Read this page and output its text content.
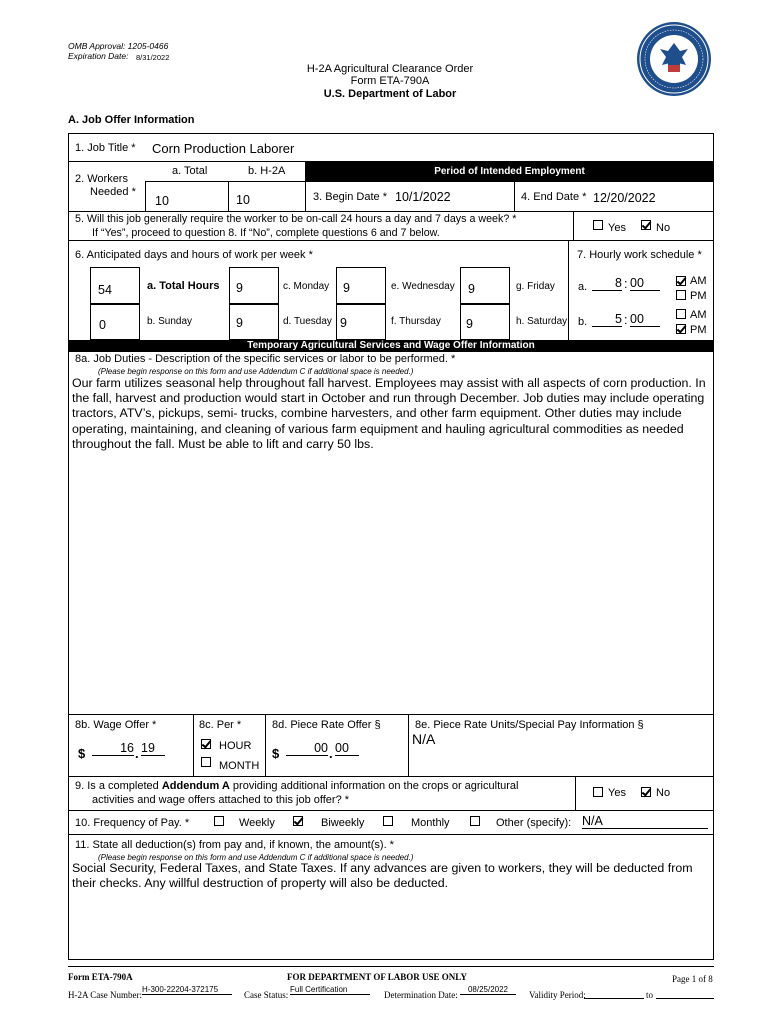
OMB Approval: 1205-0466
Expiration Date: 8/31/2022
H-2A Agricultural Clearance Order
Form ETA-790A
U.S. Department of Labor
A. Job Offer Information
1. Job Title * Corn Production Laborer
2. Workers
Needed *
a. Total	b. H-2A
10	10
Period of Intended Employment
3. Begin Date * 10/1/2022	4. End Date * 12/20/2022
5. Will this job generally require the worker to be on-call 24 hours a day and 7 days a week? *
If “Yes”, proceed to question 8. If “No”, complete questions 6 and 7 below.	Yes	No
6. Anticipated days and hours of work per week *	7. Hourly work schedule *
54	a. Total Hours 9	c. Monday 9	e. Wednesday 9	g. Friday
0	b. Sunday	9	d. Tuesday 9	f. Thursday 9	h. Saturday
a.	8 : 00	AM
PM
b.	5 : 00	AM
PM
Temporary Agricultural Services and Wage Offer Information
8a. Job Duties - Description of the specific services or labor to be performed. *
(Please begin response on this form and use Addendum C if additional space is needed.)
Our farm utilizes seasonal help throughout fall harvest. Employees may assist with all aspects of corn production. In the fall, harvest and production would start in October and run through December. Job duties may include operating tractors, ATV’s, pickups, semi- trucks, combine harvesters, and other farm equipment. Other duties may include operating, maintaining, and cleaning of various farm equipment and hauling agricultural commodities as needed throughout the fall. Must be able to lift and carry 50 lbs.
8b. Wage Offer *
$	16 . 19
8c. Per *
HOUR
MONTH
8d. Piece Rate Offer §
$	00 . 00
8e. Piece Rate Units/Special Pay Information §
N/A
9. Is a completed Addendum A providing additional information on the crops or agricultural
activities and wage offers attached to this job offer? *
Yes	No
10. Frequency of Pay. *	Weekly	Biweekly	Monthly	Other (specify): N/A
11. State all deduction(s) from pay and, if known, the amount(s). *
(Please begin response on this form and use Addendum C if additional space is needed.)
Social Security, Federal Taxes, and State Taxes. If any advances are given to workers, they will be deducted from their checks. Any willful destruction of property will also be deducted.
Form ETA-790A	FOR DEPARTMENT OF LABOR USE ONLY	Page 1 of 8
H-2A Case Number:
H-300-22204-372175
Case Status:
Full Certification
Determination Date:
08/25/2022
Validity Period:	to
